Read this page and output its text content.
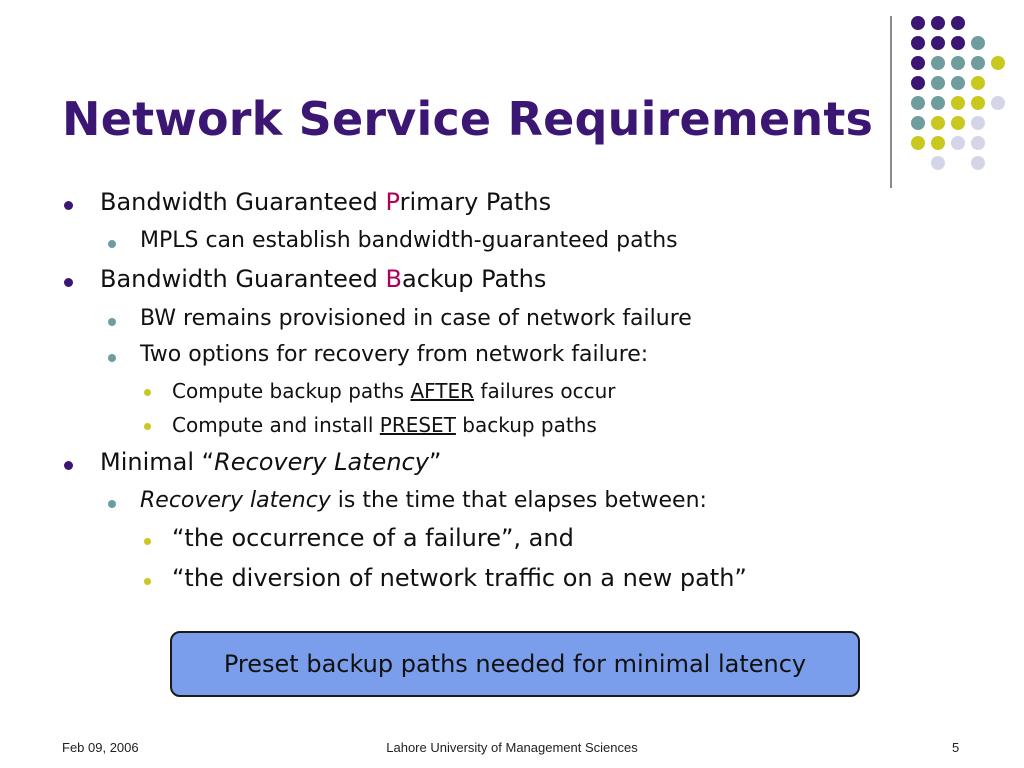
Network Service Requirements
Bandwidth Guaranteed Primary Paths
MPLS can establish bandwidth-guaranteed paths
Bandwidth Guaranteed Backup Paths
BW remains provisioned in case of network failure
Two options for recovery from network failure:
Compute backup paths AFTER failures occur
Compute and install PRESET backup paths
Minimal “Recovery Latency”
Recovery latency is the time that elapses between:
“the occurrence of a failure”, and
“the diversion of network traffic on a new path”
Preset backup paths needed for minimal latency
Feb 09, 2006	Lahore University of Management Sciences	5
